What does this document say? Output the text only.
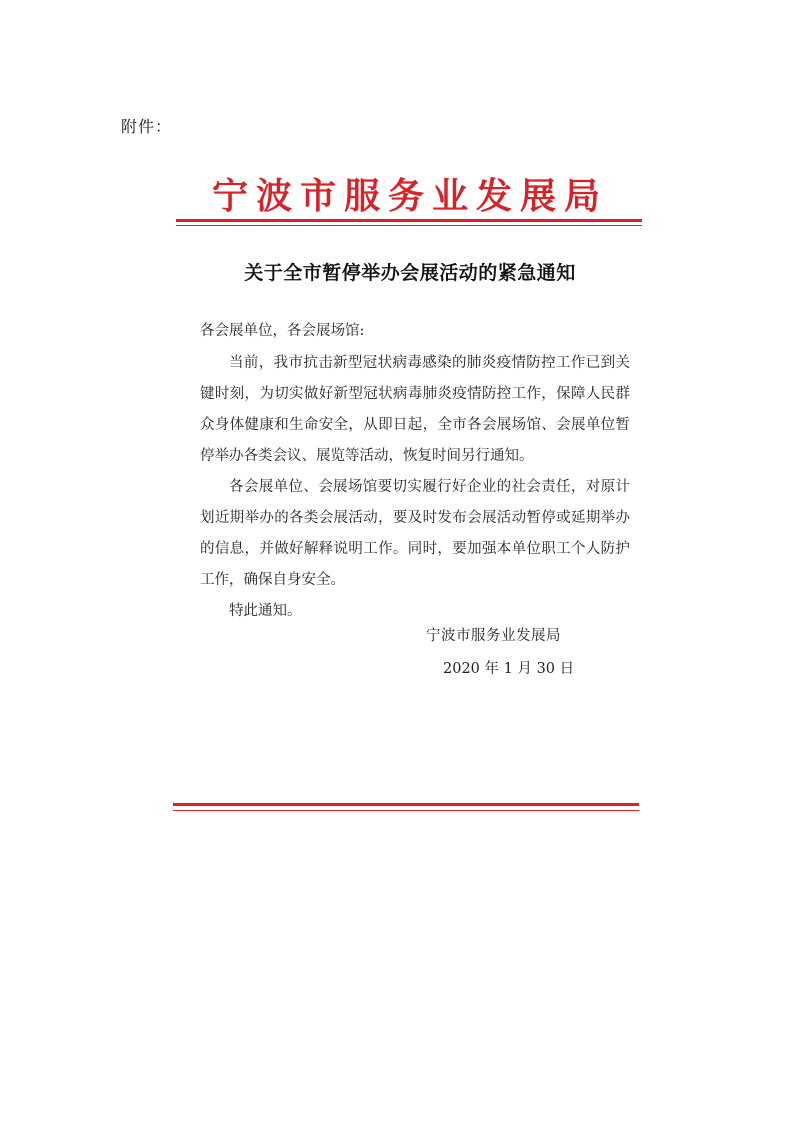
附件：
宁波市服务业发展局
关于全市暂停举办会展活动的紧急通知
各会展单位，各会展场馆:

当前，我市抗击新型冠状病毒感染的肺炎疫情防控工作已到关键时刻，为切实做好新型冠状病毒肺炎疫情防控工作，保障人民群众身体健康和生命安全，从即日起，全市各会展场馆、会展单位暂停举办各类会议、展览等活动，恢复时间另行通知。

各会展单位、会展场馆要切实履行好企业的社会责任，对原计划近期举办的各类会展活动，要及时发布会展活动暂停或延期举办的信息，并做好解释说明工作。同时，要加强本单位职工个人防护工作，确保自身安全。

特此通知。

宁波市服务业发展局
2020 年 1 月 30 日
